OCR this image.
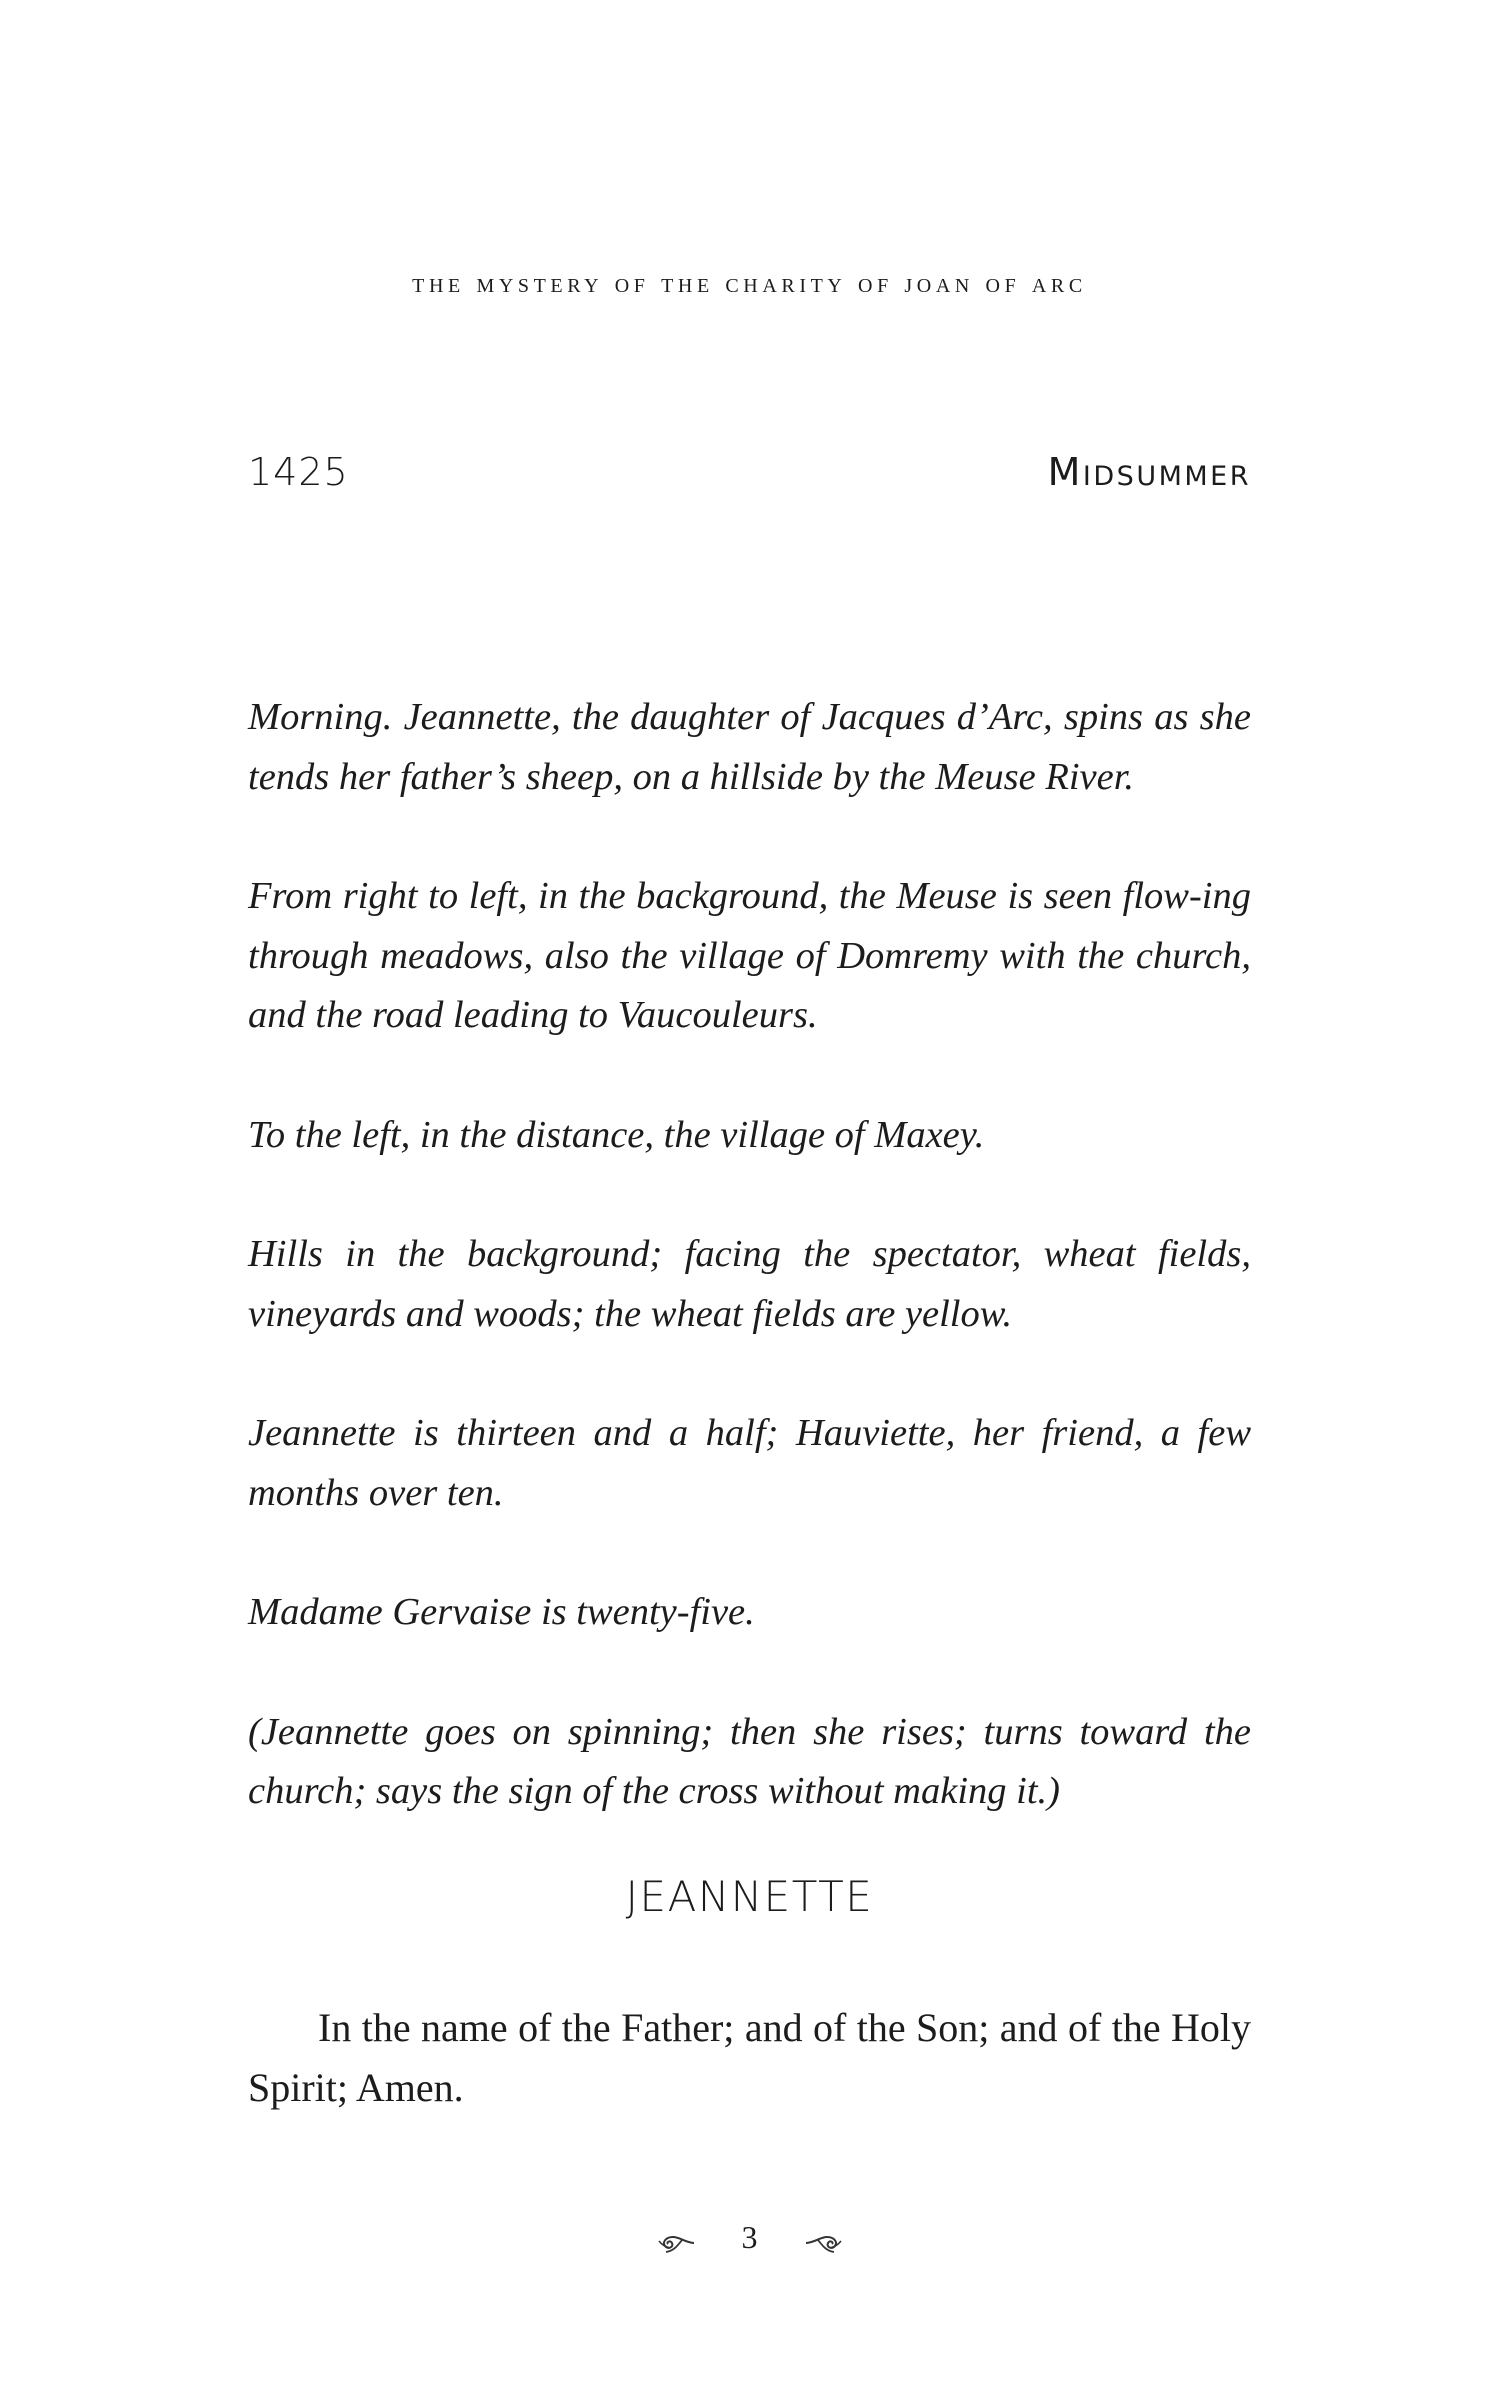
the mystery of the charity of joan of arc
1425	Midsummer

Morning. Jeannette, the daughter of Jacques d’Arc, spins as she tends her father’s sheep, on a hillside by the Meuse River.

From right to left, in the background, the Meuse is seen flow-ing through meadows, also the village of Domremy with the church, and the road leading to Vaucouleurs.

To the left, in the distance, the village of Maxey.

Hills in the background; facing the spectator, wheat fields, vineyards and woods; the wheat fields are yellow.

Jeannette is thirteen and a half; Hauviette, her friend, a few months over ten.

Madame Gervaise is twenty-five.

(Jeannette goes on spinning; then she rises; turns toward the church; says the sign of the cross without making it.)

JEANNETTE

In the name of the Father; and of the Son; and of the Holy Spirit; Amen.

3
